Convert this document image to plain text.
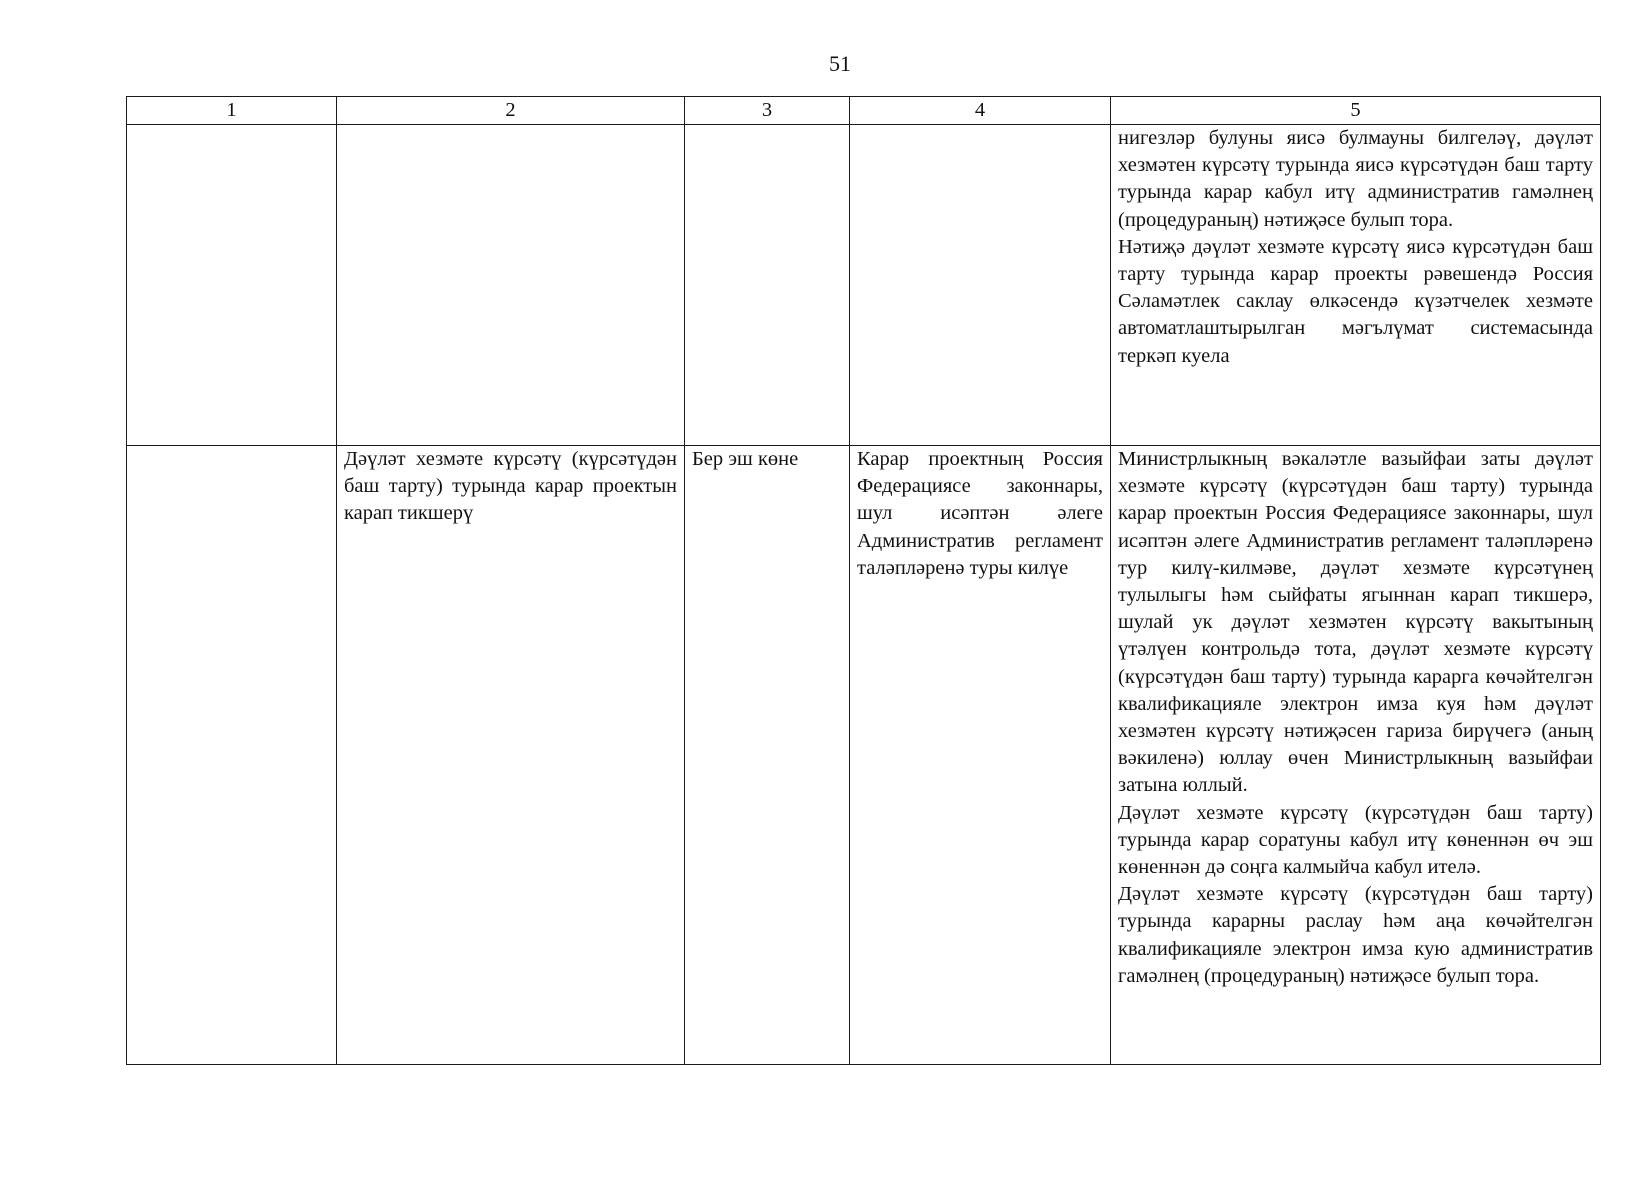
51
1	2	3	4	5

				нигезләр булуны яисә булмауны билгеләү, дәүләт хезмәтен күрсәтү турында яисә күрсәтүдән баш тарту турында карар кабул итү административ гамәлнең (процедураның) нәтиҗәсе булып тора.

Нәтиҗә дәүләт хезмәте күрсәтү яисә күрсәтүдән баш тарту турында карар проекты рәвешендә Россия Сәламәтлек саклау өлкәсендә күзәтчелек хезмәте автоматлаштырылган мәгълүмат системасында теркәп куела

	Дәүләт хезмәте күрсәтү (күрсәтүдән баш тарту) турында карар проектын карап тикшерү	Бер эш көне	Карар проектның Россия Федерациясе законнары, шул исәптән әлеге Административ регламент таләпләренә туры килүе	Министрлыкның вәкаләтле вазыйфаи заты дәүләт хезмәте күрсәтү (күрсәтүдән баш тарту) турында карар проектын Россия Федерациясе законнары, шул исәптән әлеге Административ регламент таләпләренә тур килү-килмәве, дәүләт хезмәте күрсәтүнең тулылыгы һәм сыйфаты ягыннан карап тикшерә, шулай ук дәүләт хезмәтен күрсәтү вакытының үтәлүен контрольдә тота, дәүләт хезмәте күрсәтү (күрсәтүдән баш тарту) турында карарга көчәйтелгән квалификацияле электрон имза куя һәм дәүләт хезмәтен күрсәтү нәтиҗәсен гариза бирүчегә (аның вәкиленә) юллау өчен Министрлыкның вазыйфаи затына юллый.

Дәүләт хезмәте күрсәтү (күрсәтүдән баш тарту) турында карар соратуны кабул итү көненнән өч эш көненнән дә соңга калмыйча кабул ителә.

Дәүләт хезмәте күрсәтү (күрсәтүдән баш тарту) турында карарны раслау һәм аңа көчәйтелгән квалификацияле электрон имза кую административ гамәлнең (процедураның) нәтиҗәсе булып тора.
